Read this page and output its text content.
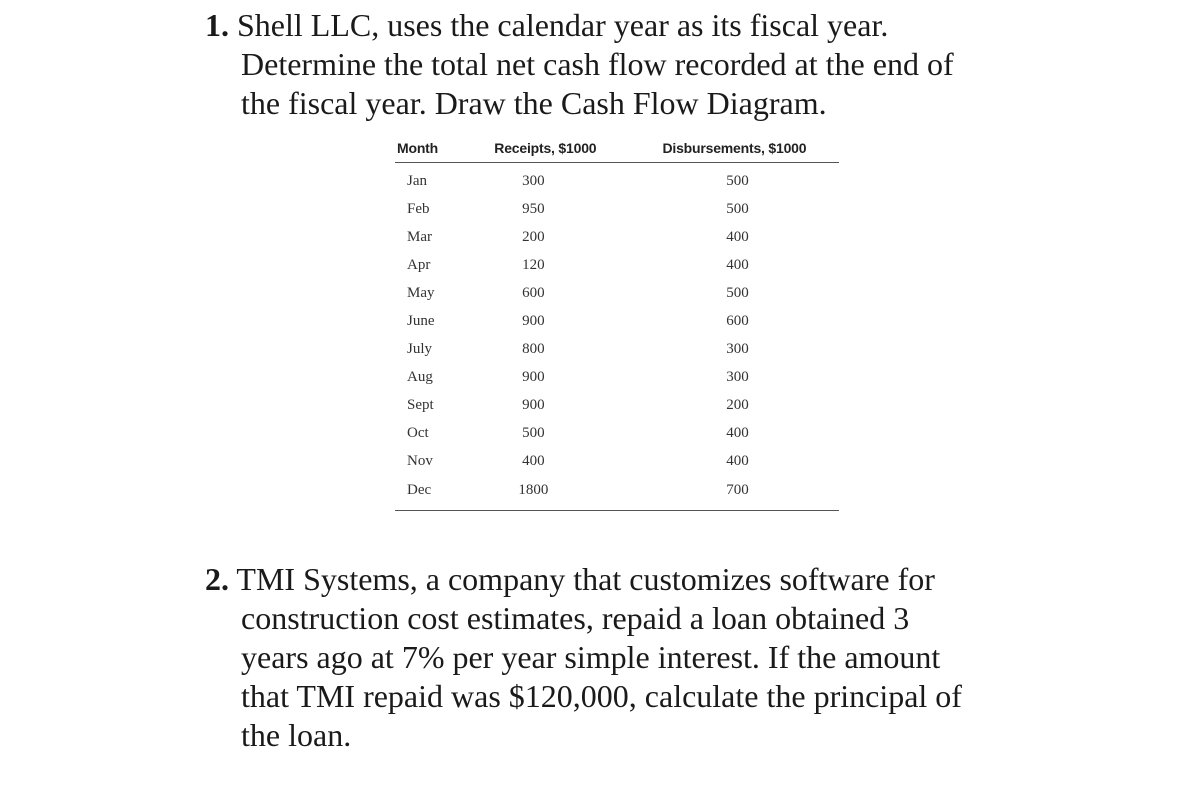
1. Shell LLC, uses the calendar year as its fiscal year.
Determine the total net cash flow recorded at the end of
the fiscal year. Draw the Cash Flow Diagram.
Month	Receipts, $1000	Disbursements, $1000
Jan	300	500
Feb	950	500
Mar	200	400
Apr	120	400
May	600	500
June	900	600
July	800	300
Aug	900	300
Sept	900	200
Oct	500	400
Nov	400	400
Dec	1800	700
2. TMI Systems, a company that customizes software for
construction cost estimates, repaid a loan obtained 3
years ago at 7% per year simple interest. If the amount
that TMI repaid was $120,000, calculate the principal of
the loan.
